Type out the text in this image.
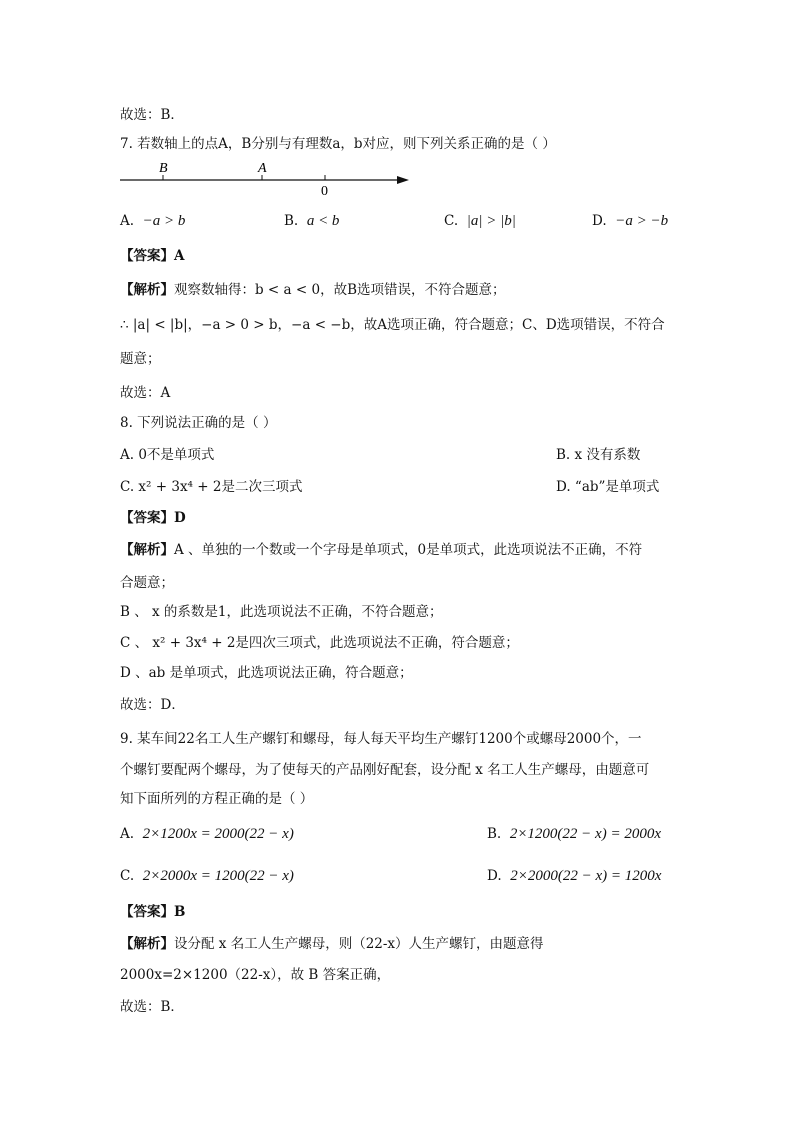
故选：B．
7. 若数轴上的点A，B分别与有理数a，b对应，则下列关系正确的是（ ）
B	A
0
A. −a > b	B. a < b	C. |a| > |b|	D. −a > −b
【答案】A
【解析】观察数轴得：b < a < 0，故B选项错误，不符合题意；
∴ |a| < |b|，−a > 0 > b，−a < −b，故A选项正确，符合题意；C、D选项错误，不符合
题意；
故选：A
8. 下列说法正确的是（ ）
A. 0不是单项式	B. x 没有系数
C. x² + 3x⁴ + 2是二次三项式	D. “ab”是单项式
【答案】D
【解析】A 、单独的一个数或一个字母是单项式，0是单项式，此选项说法不正确，不符
合题意；
B 、 x 的系数是1，此选项说法不正确，不符合题意；
C 、 x² + 3x⁴ + 2是四次三项式，此选项说法不正确，符合题意；
D 、ab 是单项式，此选项说法正确，符合题意；
故选：D．
9. 某车间22名工人生产螺钉和螺母，每人每天平均生产螺钉1200个或螺母2000个，一
个螺钉要配两个螺母，为了使每天的产品刚好配套，设分配 x 名工人生产螺母，由题意可
知下面所列的方程正确的是（ ）
A. 2×1200x = 2000(22 − x)	B. 2×1200(22 − x) = 2000x
C. 2×2000x = 1200(22 − x)	D. 2×2000(22 − x) = 1200x
【答案】B
【解析】设分配 x 名工人生产螺母，则（22-x）人生产螺钉，由题意得
2000x=2×1200（22-x），故 B 答案正确，
故选：B．
